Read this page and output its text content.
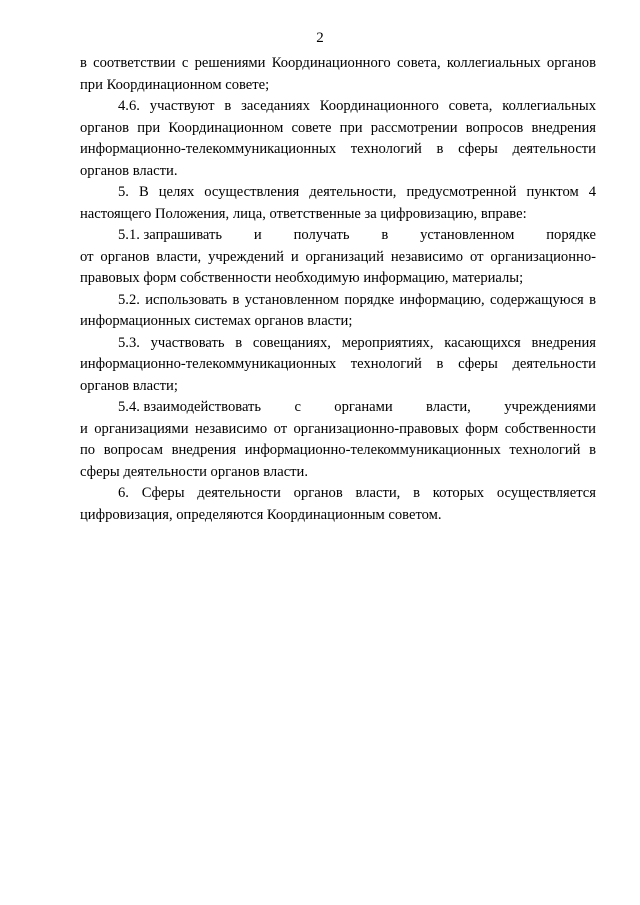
2

в соответствии с решениями Координационного совета, коллегиальных органов при Координационном совете;

4.6. участвуют в заседаниях Координационного совета, коллегиальных органов при Координационном совете при рассмотрении вопросов внедрения информационно-телекоммуникационных технологий в сферы деятельности органов власти.

5. В целях осуществления деятельности, предусмотренной пунктом 4 настоящего Положения, лица, ответственные за цифровизацию, вправе:

5.1. запрашивать и получать в установленном порядке

от органов власти, учреждений и организаций независимо от организационно-правовых форм собственности необходимую информацию, материалы;

5.2. использовать в установленном порядке информацию, содержащуюся в информационных системах органов власти;

5.3. участвовать в совещаниях, мероприятиях, касающихся внедрения информационно-телекоммуникационных технологий в сферы деятельности органов власти;

5.4. взаимодействовать с органами власти, учреждениями

и организациями независимо от организационно-правовых форм собственности по вопросам внедрения информационно-телекоммуникационных технологий в сферы деятельности органов власти.

6. Сферы деятельности органов власти, в которых осуществляется цифровизация, определяются Координационным советом.
